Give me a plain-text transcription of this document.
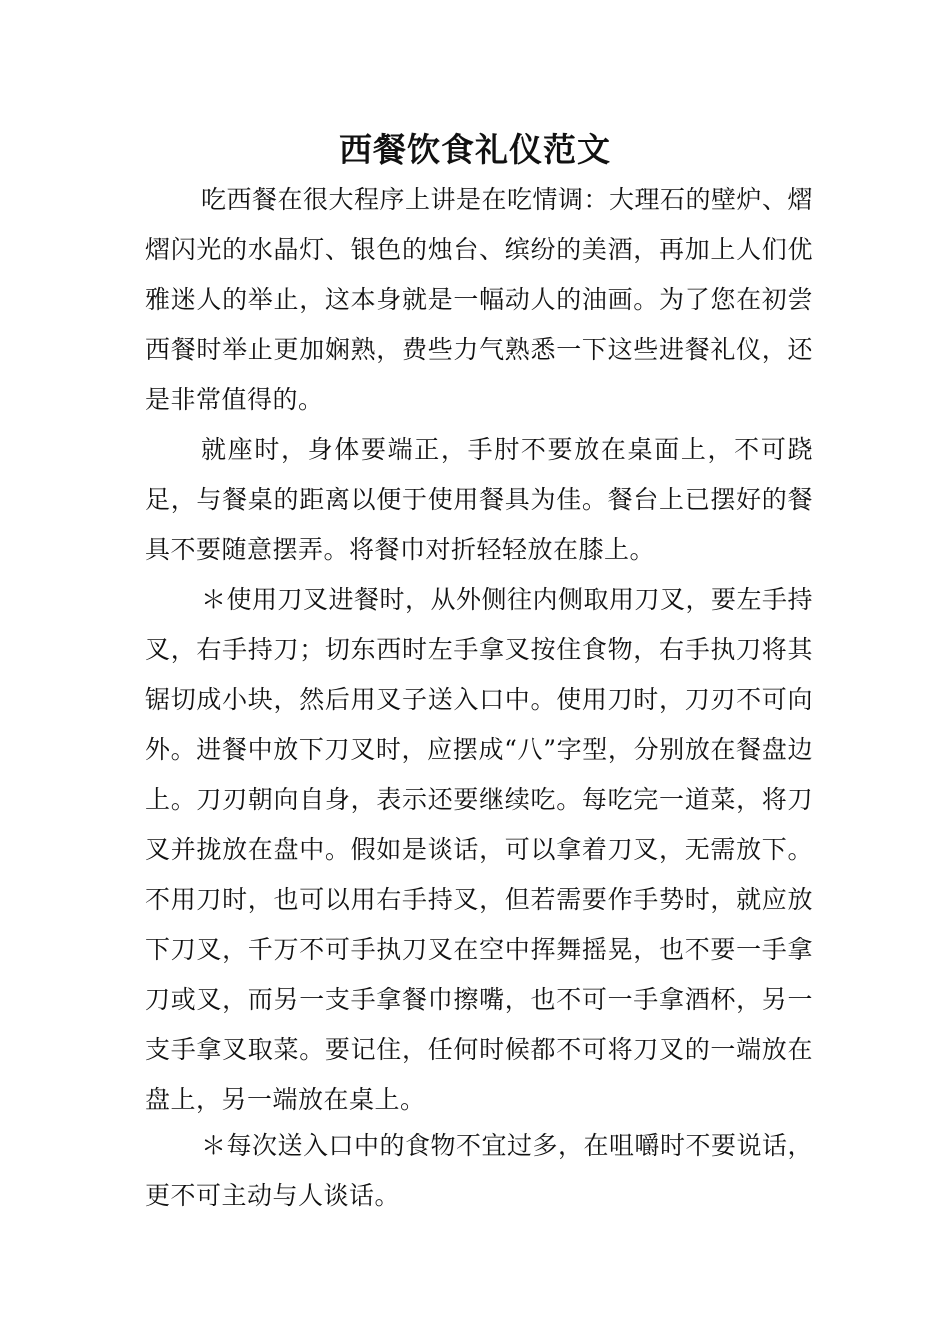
西餐饮食礼仪范文

吃西餐在很大程序上讲是在吃情调：大理石的壁炉、熠熠闪光的水晶灯、银色的烛台、缤纷的美酒，再加上人们优雅迷人的举止，这本身就是一幅动人的油画。为了您在初尝西餐时举止更加娴熟，费些力气熟悉一下这些进餐礼仪，还是非常值得的。

就座时，身体要端正，手肘不要放在桌面上，不可跷足，与餐桌的距离以便于使用餐具为佳。餐台上已摆好的餐具不要随意摆弄。将餐巾对折轻轻放在膝上。

＊使用刀叉进餐时，从外侧往内侧取用刀叉，要左手持叉，右手持刀；切东西时左手拿叉按住食物，右手执刀将其锯切成小块，然后用叉子送入口中。使用刀时，刀刃不可向外。进餐中放下刀叉时，应摆成“八”字型，分别放在餐盘边上。刀刃朝向自身，表示还要继续吃。每吃完一道菜，将刀叉并拢放在盘中。假如是谈话，可以拿着刀叉，无需放下。不用刀时，也可以用右手持叉，但若需要作手势时，就应放下刀叉，千万不可手执刀叉在空中挥舞摇晃，也不要一手拿刀或叉，而另一支手拿餐巾擦嘴，也不可一手拿酒杯，另一支手拿叉取菜。要记住，任何时候都不可将刀叉的一端放在盘上，另一端放在桌上。

＊每次送入口中的食物不宜过多，在咀嚼时不要说话，更不可主动与人谈话。
